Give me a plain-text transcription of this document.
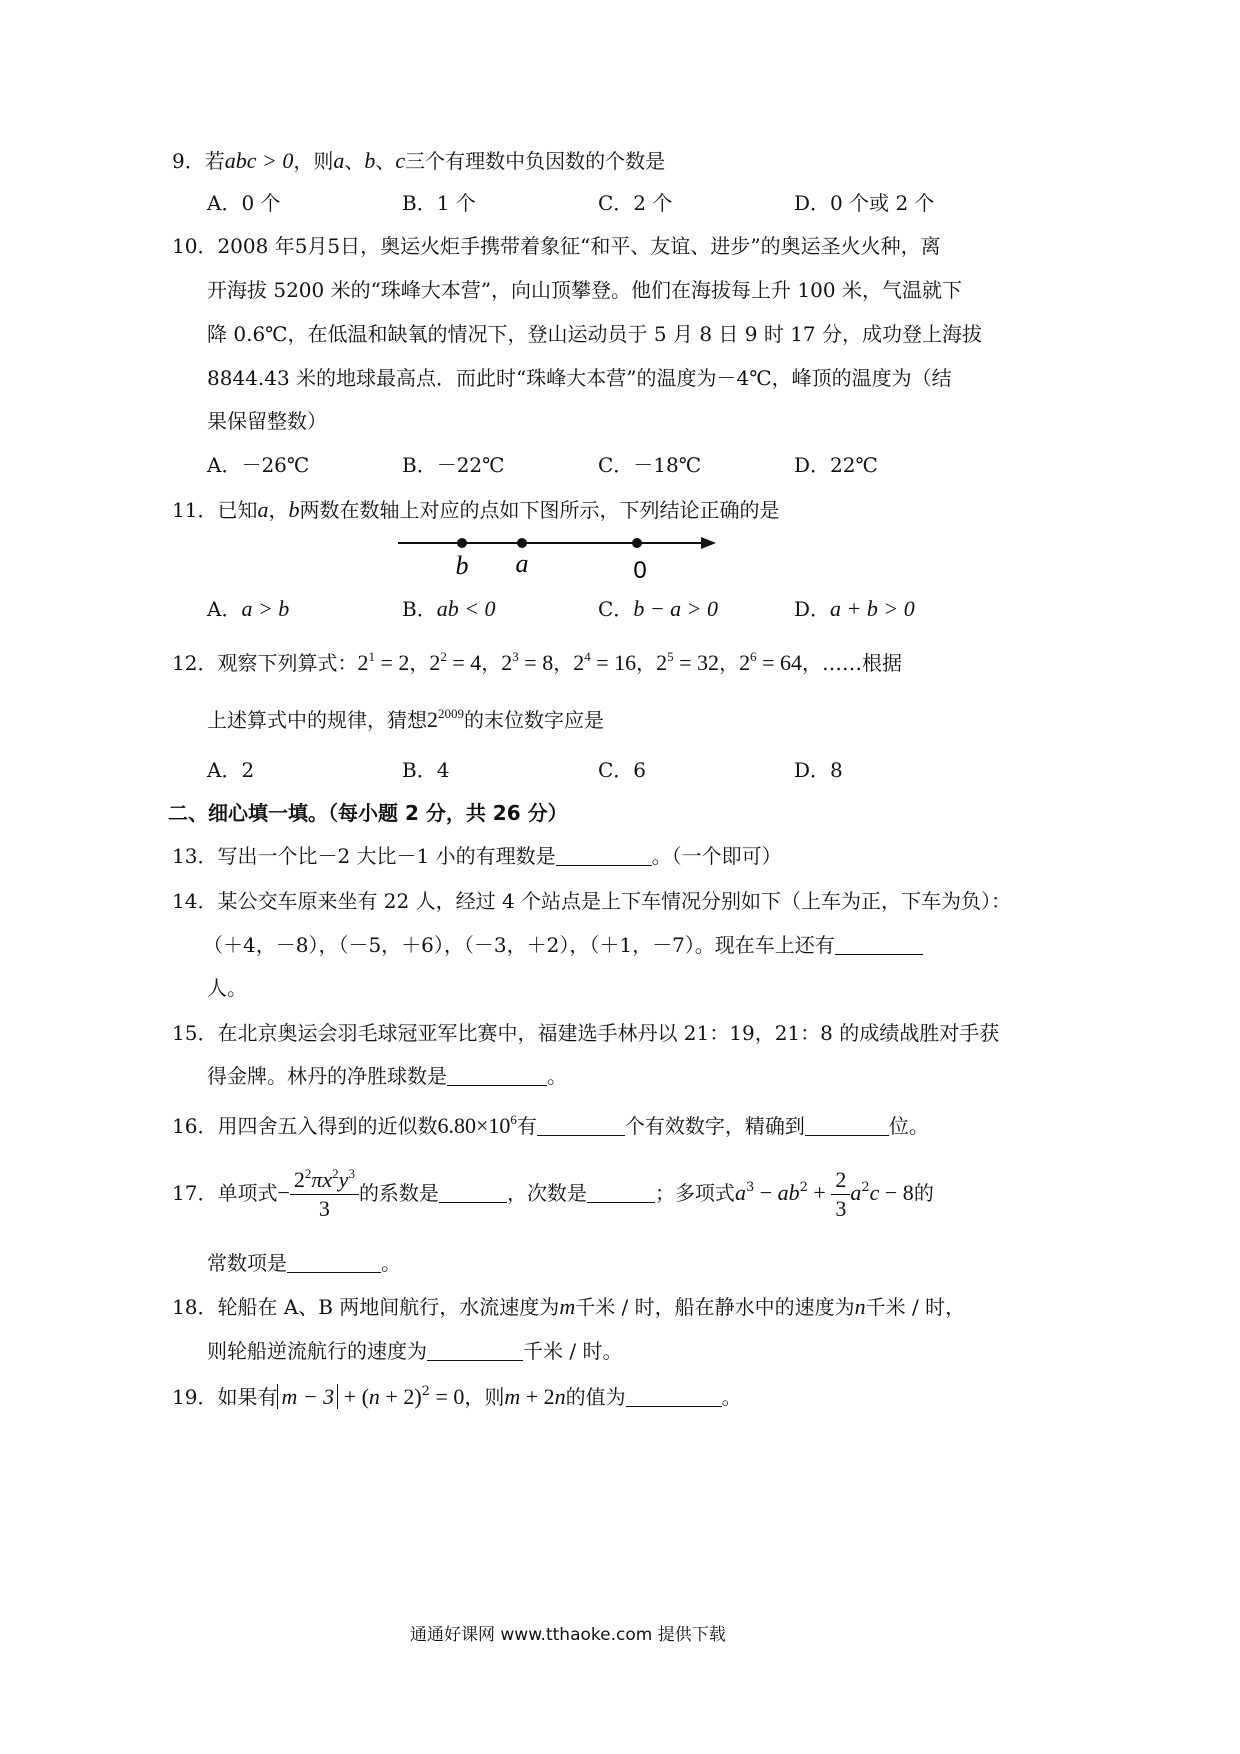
9．若abc > 0，则a、b、c三个有理数中负因数的个数是
A．0 个	B．1 个	C．2 个	D．0 个或 2 个
10．2008 年5月5日，奥运火炬手携带着象征“和平、友谊、进步”的奥运圣火火种，离
开海拔 5200 米的“珠峰大本营”，向山顶攀登。他们在海拔每上升 100 米，气温就下
降 0.6℃，在低温和缺氧的情况下，登山运动员于 5 月 8 日 9 时 17 分，成功登上海拔
8844.43 米的地球最高点．而此时“珠峰大本营”的温度为－4℃，峰顶的温度为（结
果保留整数）
A．－26℃	B．－22℃	C．－18℃	D．22℃
11．已知a，b两数在数轴上对应的点如下图所示，下列结论正确的是
b a	0
A．a > b	B．ab < 0	C．b − a > 0	D．a + b > 0
12．观察下列算式：$2^1 = 2$，$2^2 = 4$，$2^3 = 8$，$2^4 = 16$，$2^5 = 32$，$2^6 = 64$，……根据
上述算式中的规律，猜想$2^{2009}$的末位数字应是
A．2	B．4	C．6	D．8
二、细心填一填。（每小题 2 分，共 26 分）
13．写出一个比－2 大比－1 小的有理数是	。（一个即可）
14．某公交车原来坐有 22 人，经过 4 个站点是上下车情况分别如下（上车为正，下车为负）：
（＋4，－8），（－5，＋6），（－3，＋2），（＋1，－7）。现在车上还有
人。
15．在北京奥运会羽毛球冠亚军比赛中，福建选手林丹以 21：19，21：8 的成绩战胜对手获
得金牌。林丹的净胜球数是	。
16．用四舍五入得到的近似数$6.80\times 10^6$有	个有效数字，精确到	位。
17．单项式− $\frac{2^2\pi x^2y^3}{3}$ 的系数是	，次数是	；多项式$a^3 - ab^2 + \frac{2}{3} a^2c - 8$的
常数项是	。
18．轮船在 A、B 两地间航行，水流速度为m千米 / 时，船在静水中的速度为n千米 / 时，
则轮船逆流航行的速度为	千米 / 时。
19．如果有 $m - 3 + (n + 2)^2 = 0$，则m + 2n的值为	。
通通好课网 www.tthaoke.com 提供下载
